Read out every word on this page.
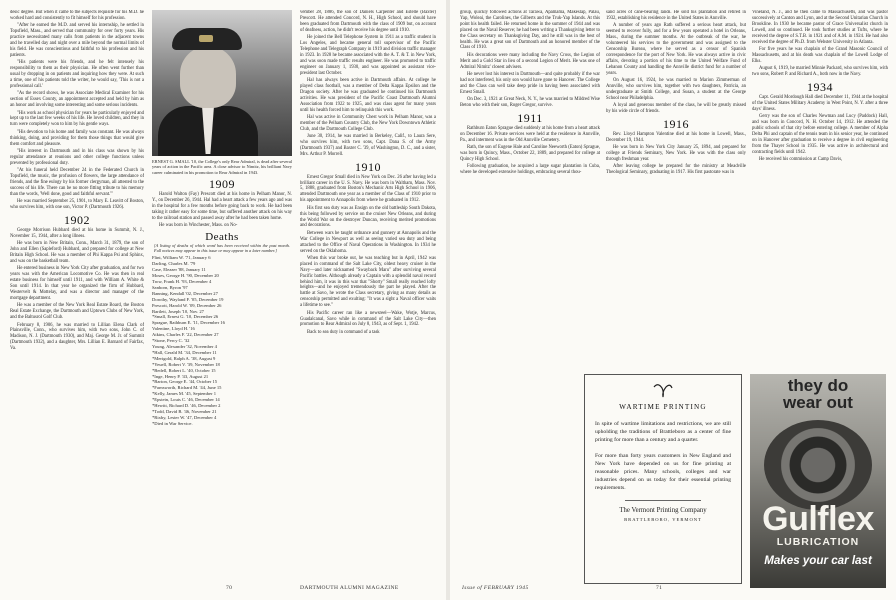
desic degree. But when it came to the subjects requisite for his M.D. he worked hard and consistently to fit himself for his profession.

"After he earned the M.D. and served his internship, he settled in Topsfield, Mass., and served that community for over forty years. His practice necessitated many calls from patients in the adjacent towns and he travelled day and night over a mile beyond the normal limits of his field. He was conscientious and faithful to his profession and his patients.

"His patients were his friends, and he felt intensely his responsibility to them as their physician. He often went further than usual by dropping in on patients and inquiring how they were. At such a time, one of his patients told the writer, he would say, 'This is not a professional call.'

"As the record shows, he was Associate Medical Examiner for his section of Essex County, an appointment accepted and held by him as an honor and involving some interesting and some serious incidents.

"His work as school physician for years he particularly enjoyed and kept up to the last few weeks of his life. He loved children, and they in turn were completely won to him by his gentle ways.

"His devotion to his home and family was constant. He was always thinking, doing, and providing for them those things that would give them comfort and pleasure.

"His interest in Dartmouth and in his class was shown by his regular attendance at reunions and other college functions unless prevented by professional duty.

"At his funeral held December 24 in the Federated Church in Topsfield, the music, the profusion of flowers, the large attendance of friends, and the fine eulogy by his former clergyman, all attested to the success of his life. There can be no more fitting tribute to his memory than the words, 'Well done, good and faithful servant.'"

He was married September 25, 1901, to Mary E. Leavitt of Boston, who survives him, with one son, Victor P. (Dartmouth 1926).

1902

George Morrison Hubbard died at his home in Summit, N. J., November 15, 1944, after a long illness.

He was born in New Britain, Conn., March 31, 1879, the son of John and Ellen (Sapleford) Hubbard, and prepared for college at New Britain High School. He was a member of Phi Kappa Psi and Sphinx, and was on the basketball team.

He entered business in New York City after graduation, and for two years was with the American Locomotive Co. He was then in real estate business for himself until 1911, and with William A. White & Son until 1914. In that year he organized the firm of Hubbard, Westervelt & Mottelay, and was a director and manager of the mortgage department.

He was a member of the New York Real Estate Board, the Boston Real Estate Exchange, the Dartmouth and Uptown Clubs of New York, and the Baltusrol Golf Club.

February 8, 1906, he was married to Lillian Elena Clark of Plainsville, Conn., who survives him, with two sons, John C. of Madison, N. J. (Dartmouth 1930), and Maj. George M. Jr. of Summit (Dartmouth 1932), and a daughter, Mrs. Lillian E. Barnard of Fairfax, Va.

ERNEST G. SMALL '10, the College's only Rear Admiral, is dead after several years of action in the Pacific area. A close advisor to Nimitz, his brilliant Navy career culminated in his promotion to Rear Admiral in 1943.
1909

Harold Walton (Fay) Prescott died at his home in Pelham Manor, N. Y., on December 26, 1944. Hal had a heart attack a few years ago and was in the hospital for a few months before going back to work. He had been taking it rather easy for some time, but suffered another attack on his way to the railroad station and passed away after he had been taken home.

He was born in Winchester, Mass. on No-

Deaths
[A listing of deaths of which word has been received within the past month. Full notices may appear in this issue or may appear in a later number.]
Flint, William W. '71, January 6
Darling, Charles M. '79
Case, Eleazer '88, January 11
Moses, George H. '90, December 20
Trow, Frank H. '93, December 4
Sanborn, Byron '97
Banning, Kendall '02, December 27
Dorothy, Wayland F. '05, December 19
Prescott, Harold W. '09, December 26
Bartlett, Joseph '10, Nov. 27
*Small, Ernest G. '10, December 26
Sprague, Rathburn E. '11, December 16
Valentine, Lloyd H. '16
Atkins, Charles F. '22, December 27
*Stone, Percy C. '32
Young, Alexander '32, November 4
*Hall, Gerald M. '34, December 11
*Merigold, Ralph A. '38, August 9
*Yeuell, Robert V. '39, November 18
*Bedell, Robert L. '40, October 15
*Inge, Henry P. '43, August 21
*Barton, George E. '44, October 15
*Farnsworth, Richard M. '44, June 15
*Kelly, James M. '45, September 1
*Epstein, Louis C. '46, December 14
*Hewitt, Richard D. '46, December 2
*Todd, David B. '46, November 21
*Rixby, Lester W. '47, December 4
*Died in War Service.

vember 28, 1886, the son of Daniels Carpenter and Estelle (Baxter) Prescott. He attended Concord, N. H., High School, and should have been graduated from Dartmouth with the class of 1909 but, on account of deafness, action, he didn't receive his degree until 1910.

He joined the Bell Telephone System in 1911 as a traffic student in Los Angeles, and became general toll supervisor of the Pacific Telephone and Telegraph Company in 1919 and division traffic manager in 1923. In 1928 he became associated with the A. T. & T. in New York, and was soon made traffic results engineer. He was promoted to traffic engineer on January 1, 1930, and was appointed as assistant vice-president last October.

Hal has always been active in Dartmouth affairs. At college he played class football, was a member of Delta Kappa Epsilon and the Dragon society. After he was graduated he continued his Dartmouth activities. He was president of the Pacific Coast Dartmouth Alumni Association from 1922 to 1925, and was class agent for many years until his health forced him to relinquish this work.

Hal was active in Community Chest work in Pelham Manor, was a member of the Pelham Country Club, the New York Downtown Athletic Club, and the Dartmouth College Club.

June 30, 1914, he was married in Berkeley, Calif., to Laura Sere, who survives him, with two sons, Capt. Dana S. of the Army (Dartmouth 1937) and Baxter C. '39, of Washington, D. C., and a sister, Mrs. Arthur P. Morrell.

1910

Ernest Gregor Small died in New York on Dec. 26 after having led a brilliant career in the U. S. Navy. He was born in Waltham, Mass. Nov. 5, 1888, graduated from Boston's Mechanic Arts High School in 1906, attended Dartmouth one year as a member of the Class of 1910 prior to his appointment to Annapolis from where he graduated in 1912.

His first sea duty was as Ensign on the old battleship South Dakota, this being followed by service on the cruiser New Orleans, and during the World War on the destroyer Duncan, receiving merited promotions and decorations.

Between wars he taught ordnance and gunnery at Annapolis and the War College in Newport as well as seeing varied sea duty and being attached to the Office of Naval Operations in Washington. In 1934 he served on the Oklahoma.

When this war broke out, he was teaching but in April, 1942 was placed in command of the Salt Lake City, oldest heavy cruiser in the Navy—and later nicknamed "Swayback Maru" after surviving several Pacific battles. Although already a Captain with a splendid naval record behind him, it was in this war that "Shorty" Small really reached lofty heights—and he enjoyed tremendously the part he played. After the battle at Savo, he wrote the Class secretary, giving as many details as censorship permitted and exulting: "It was a sight a Naval officer waits a lifetime to see."

His Pacific career ran like a newsreel—Wake, Wotje, Marcus, Guadalcanal, Savo while in command of the Salt Lake City—then promotion to Rear Admiral on July 8, 1943, as of Sept. 1, 1942.

Back to sea duty in command of a task

70	DARTMOUTH ALUMNI MAGAZINE

group, quickly followed actions at Tarawa, Apamama, Makeslap, Palau, Yap, Woleai, the Carolines, the Gilberts and the Truk-Yap Islands. At this point his health failed. He returned home in the summer of 1944 and was placed on the Naval Reserve; he had been writing a Thanksgiving letter to the Class secretary on Thanksgiving Day, and he still was in the best of health. He was a great son of Dartmouth and an honored member of the Class of 1910.

His decorations were many including the Navy Cross, the Legion of Merit and a Gold Star in lieu of a second Legion of Merit. He was one of Admiral Nimitz' closest advisers.

He never lost his interest in Dartmouth—and quite probably if the war had not interfered, his only son would have gone to Hanover. The College and the Class can well take deep pride in having been associated with Ernest Small.

On Dec. 3, 1921 at Great Neck, N. Y., he was married to Mildred Wise Beton who with their son, Roger Gregor, survive.

1911

Rathburn Eaton Sprague died suddenly at his home from a heart attack on December 16. Private services were held at the residence in Annville, Pa., and interment was in the Old Annville Cemetery.

Rath, the son of Eugene Hale and Caroline Neeworth (Eaton) Sprague, was born in Quincy, Mass., October 22, 1889, and prepared for college at Quincy High School.

Following graduation, he acquired a large sugar plantation in Cuba, where he developed extensive holdings, embracing several thou-

sand acres of cane-bearing lands. He sold his plantation and retired in 1932, establishing his residence in the United States in Annville.

A number of years ago Rath suffered a serious heart attack, but seemed to recover fully, and for a few years operated a hotel in Orleans, Mass., during the summer months. At the outbreak of the war, he volunteered his services to the government and was assigned to the Censorship Bureau, where he served as a censor of Spanish correspondence for the port of New York. He was always active in civic affairs, devoting a portion of his time to the United Welfare Fund of Lebanon County and handling the Annville district fund for a number of years.

On August 16, 1924, he was married to Marion Zimmerman of Annville, who survives him, together with two daughters, Patricia, an undergraduate at Smith College, and Susan, a student at the George School near Philadelphia.

A loyal and generous member of the class, he will be greatly missed by his wide circle of friends.

1916

Rev. Lloyd Hampton Valentine died at his home in Lowell, Mass., December 19, 1944.

He was born in New York City January 25, 1894, and prepared for college at Friends Seminary, New York. He was with the class only through freshman year.

After leaving college he prepared for the ministry at Meadville Theological Seminary, graduating in 1917. His first pastorate was in

Vineland, N. J., and he then came to Massachusetts, and was pastor successively at Canton and Lynn, and at the Second Unitarian Church in Brookline. In 1930 he became pastor of Grace Universalist church in Lowell, and so continued. He took further studies at Tufts, where he received the degree of S.T.B. in 1921 and of A.M. in 1924. He had also received the degree of Ph.D. from Webster University in Atlanta.

For five years he was chaplain of the Grand Masonic Council of Massachusetts, and at his death was chaplain of the Lowell Lodge of Elks.

August 6, 1919, he married Minnie Packard, who survives him, with two sons, Robert P. and Richard A., both now in the Navy.

1934

Capt. Gerald Mordough Hall died December 11, 1944 at the hospital of the United States Military Academy in West Point, N. Y. after a three days' illness.

Gerry was the son of Charles Newman and Lucy (Paddock) Hall, and was born in Concord, N. H. October 14, 1912. He attended the public schools of that city before entering college. A member of Alpha Delta Phi and captain of the tennis team in his senior year, he continued on in Hanover after graduation to receive a degree in civil engineering from the Thayer School in 1935. He was active in architectural and contracting fields until 1942.

He received his commission at Camp Davis,

WARTIME PRINTING
In spite of wartime limitations and restrictions, we are still upholding the traditions of Brattleboro as a center of fine printing for more than a century and a quarter.
For more than forty years customers in New England and New York have depended on us for fine printing at reasonable prices. Many schools, colleges and war industries depend on us today for their essential printing requirements.
The Vermont Printing Company
BRATTLEBORO, VERMONT
they do
wear out
Gulflex
LUBRICATION
Makes your car last
Issue of FEBRUARY 1945	71
